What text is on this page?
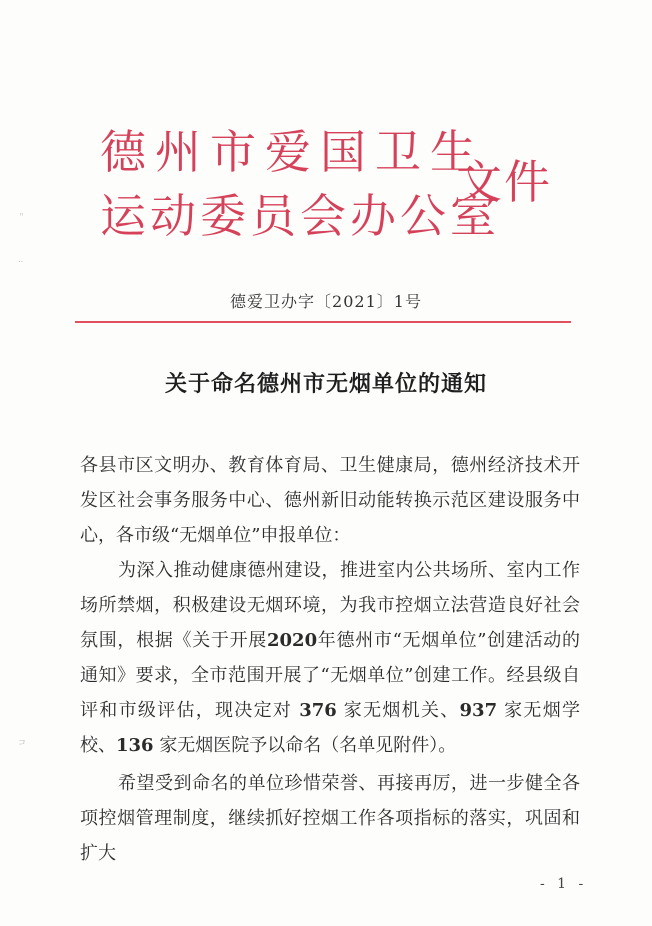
ⁿ
‥
コ
德州市爱国卫生
运动委员会办公室
文件
德爱卫办字〔2021〕1号
关于命名德州市无烟单位的通知

各县市区文明办、教育体育局、卫生健康局，德州经济技术开发区社会事务服务中心、德州新旧动能转换示范区建设服务中心，各市级“无烟单位”申报单位：

为深入推动健康德州建设，推进室内公共场所、室内工作场所禁烟，积极建设无烟环境，为我市控烟立法营造良好社会氛围，根据《关于开展2020年德州市“无烟单位”创建活动的通知》要求，全市范围开展了“无烟单位”创建工作。经县级自评和市级评估，现决定对 376 家无烟机关、937 家无烟学校、136 家无烟医院予以命名（名单见附件）。

希望受到命名的单位珍惜荣誉、再接再厉，进一步健全各项控烟管理制度，继续抓好控烟工作各项指标的落实，巩固和扩大

- 1 -
